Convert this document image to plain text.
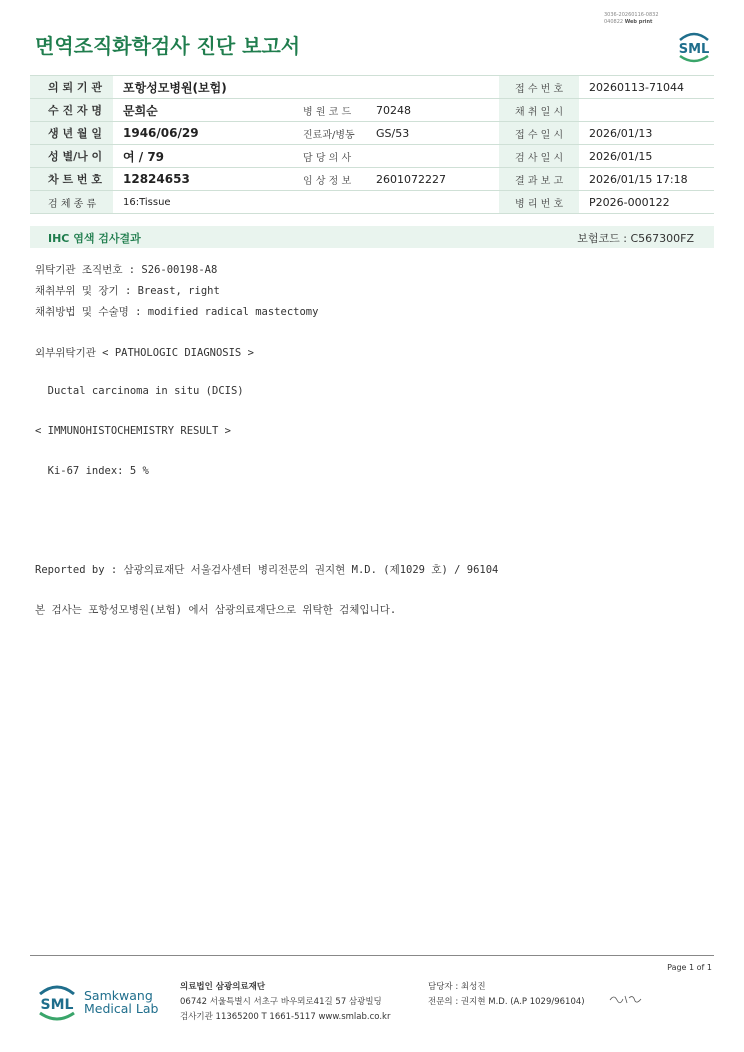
3036-20260116-0832
040822 Web print
면역조직화학검사 진단 보고서	SML
의 뢰 기 관	포항성모병원(보험)			접 수 번 호	20260113-71044
수 진 자 명	문희순	병 원 코 드	70248	채 취 일 시	
생 년 월 일	1946/06/29	진료과/병동	GS/53	접 수 일 시	2026/01/13
성 별/나 이	여 / 79	담 당 의 사		검 사 일 시	2026/01/15
차 트 번 호	12824653	임 상 정 보	2601072227	결 과 보 고	2026/01/15 17:18
검 체 종 류	16:Tissue			병 리 번 호	P2026-000122
IHC 염색 검사결과	보험코드 : C567300FZ
위탁기관 조직번호 : S26-00198-A8
채취부위 및 장기 : Breast, right
채취방법 및 수술명 : modified radical mastectomy
외부위탁기관 < PATHOLOGIC DIAGNOSIS >
Ductal carcinoma in situ (DCIS)
< IMMUNOHISTOCHEMISTRY RESULT >
Ki-67 index: 5 %
Reported by : 삼광의료재단 서울검사센터 병리전문의 권지현 M.D. (제1029 호) / 96104
본 검사는 포항성모병원(보험) 에서 삼광의료재단으로 위탁한 검체입니다.
Page 1 of 1
SML
Samkwang
Medical Lab
의료법인 삼광의료재단
06742 서울특별시 서초구 바우뫼로41길 57 삼광빌딩
검사기관 11365200 T 1661-5117 www.smlab.co.kr
담당자 : 최성진
전문의 : 권지현 M.D. (A.P 1029/96104)
